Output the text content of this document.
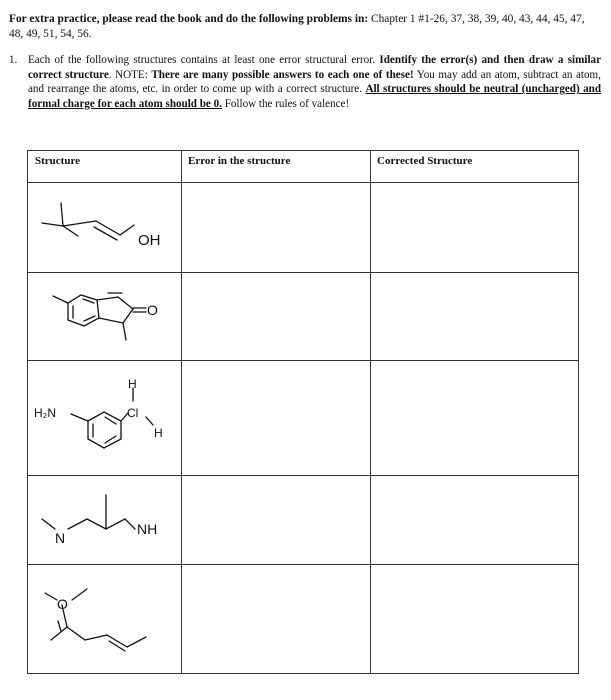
For extra practice, please read the book and do the following problems in: Chapter 1 #1-26, 37, 38, 39, 40, 43, 44, 45, 47, 48, 49, 51, 54, 56.
1. Each of the following structures contains at least one error structural error. Identify the error(s) and then draw a similar correct structure. NOTE: There are many possible answers to each one of these! You may add an atom, subtract an atom, and rearrange the atoms, etc. in order to come up with a correct structure. All structures should be neutral (uncharged) and formal charge for each atom should be 0. Follow the rules of valence!
Structure	Error in the structure	Corrected Structure
OH
O
H
H₂N	Cl
H
N
NH
O
